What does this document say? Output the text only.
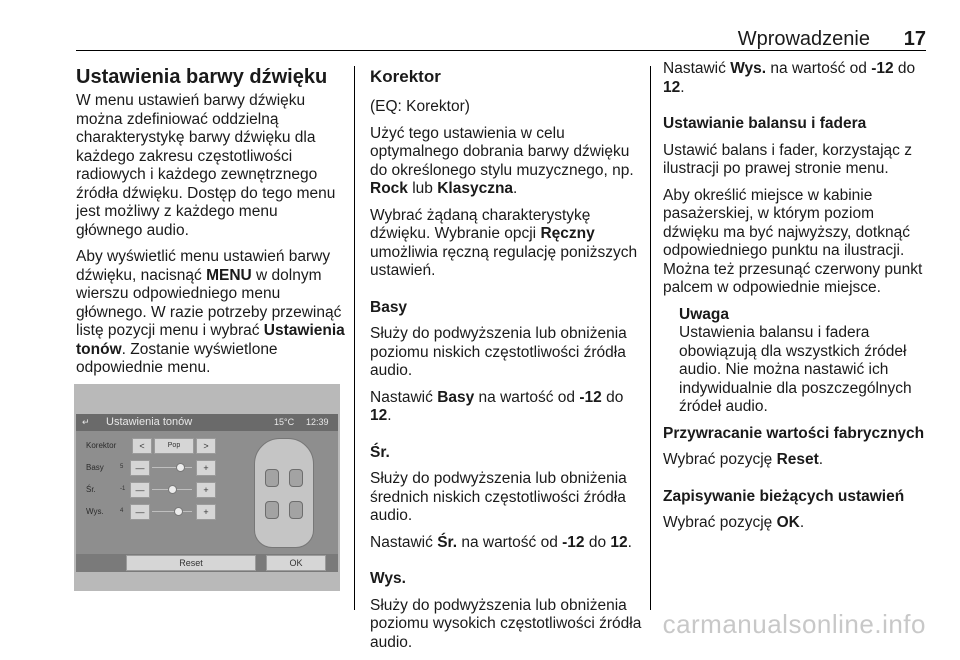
Wprowadzenie 17
Ustawienia barwy dźwięku

W menu ustawień barwy dźwięku można zdefiniować oddzielną charakterystykę barwy dźwięku dla każdego zakresu częstotliwości radiowych i każdego zewnętrznego źródła dźwięku. Dostęp do tego menu jest możliwy z każdego menu głównego audio.

Aby wyświetlić menu ustawień barwy dźwięku, nacisnąć MENU w dolnym wierszu odpowiedniego menu głównego. W razie potrzeby przewinąć listę pozycji menu i wybrać Ustawienia tonów. Zostanie wyświetlone odpowiednie menu.

↵ Ustawienia tonów	15°C 12:39
Korektor	<	Pop	>
Basy	5	—	+
Śr.	-1	—	+
Wys.	4	—	+
Reset	OK
Korektor

(EQ: Korektor)

Użyć tego ustawienia w celu optymalnego dobrania barwy dźwięku do określonego stylu muzycznego, np. Rock lub Klasyczna.

Wybrać żądaną charakterystykę dźwięku. Wybranie opcji Ręczny umożliwia ręczną regulację poniższych ustawień.

Basy

Służy do podwyższenia lub obniżenia poziomu niskich częstotliwości źródła audio.

Nastawić Basy na wartość od -12 do 12.

Śr.

Służy do podwyższenia lub obniżenia średnich niskich częstotliwości źródła audio.

Nastawić Śr. na wartość od -12 do 12.

Wys.

Służy do podwyższenia lub obniżenia poziomu wysokich częstotliwości źródła audio.

Nastawić Wys. na wartość od -12 do 12.

Ustawianie balansu i fadera

Ustawić balans i fader, korzystając z ilustracji po prawej stronie menu.

Aby określić miejsce w kabinie pasażerskiej, w którym poziom dźwięku ma być najwyższy, dotknąć odpowiedniego punktu na ilustracji. Można też przesunąć czerwony punkt palcem w odpowiednie miejsce.

Uwaga

Ustawienia balansu i fadera obowiązują dla wszystkich źródeł audio. Nie można nastawić ich indywidualnie dla poszczególnych źródeł audio.

Przywracanie wartości fabrycznych

Wybrać pozycję Reset.

Zapisywanie bieżących ustawień

Wybrać pozycję OK.

carmanualsonline.info
